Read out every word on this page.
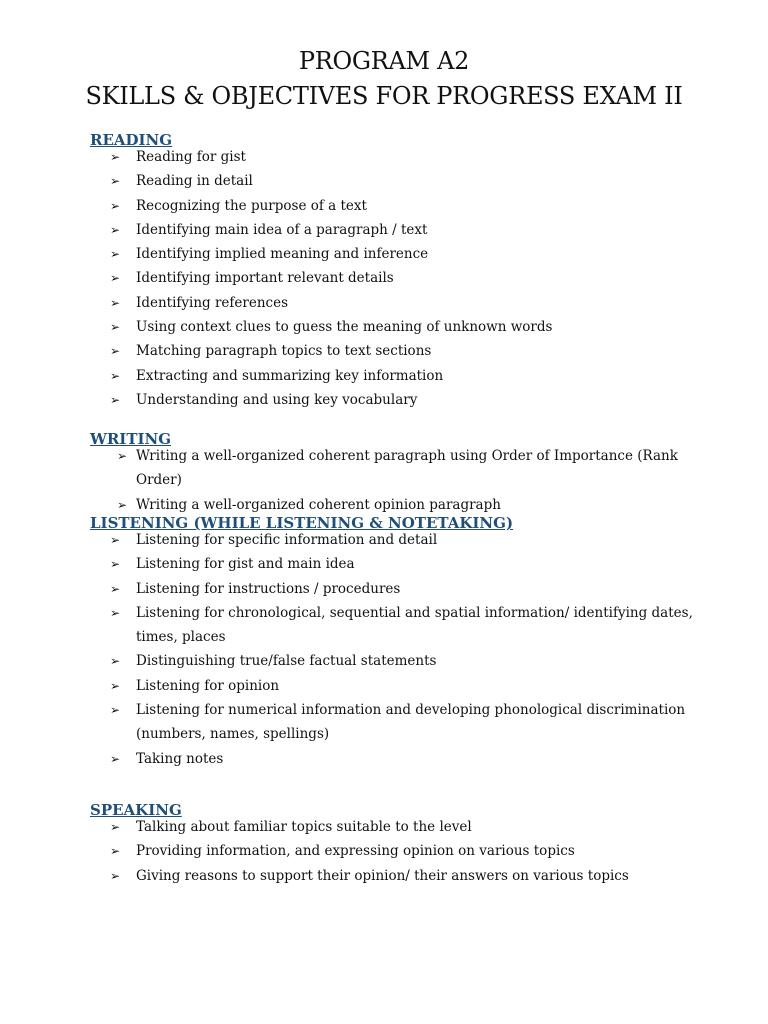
PROGRAM A2
SKILLS & OBJECTIVES FOR PROGRESS EXAM II
READING
➢ Reading for gist
➢ Reading in detail
➢ Recognizing the purpose of a text
➢ Identifying main idea of a paragraph / text
➢ Identifying implied meaning and inference
➢ Identifying important relevant details
➢ Identifying references
➢ Using context clues to guess the meaning of unknown words
➢ Matching paragraph topics to text sections
➢ Extracting and summarizing key information
➢ Understanding and using key vocabulary
WRITING
➢ Writing a well-organized coherent paragraph using Order of Importance (Rank Order)
➢ Writing a well-organized coherent opinion paragraph
LISTENING (WHILE LISTENING & NOTETAKING)
➢ Listening for specific information and detail
➢ Listening for gist and main idea
➢ Listening for instructions / procedures
➢ Listening for chronological, sequential and spatial information/ identifying dates, times, places
➢ Distinguishing true/false factual statements
➢ Listening for opinion
➢ Listening for numerical information and developing phonological discrimination (numbers, names, spellings)
➢ Taking notes
SPEAKING
➢ Talking about familiar topics suitable to the level
➢ Providing information, and expressing opinion on various topics
➢ Giving reasons to support their opinion/ their answers on various topics
